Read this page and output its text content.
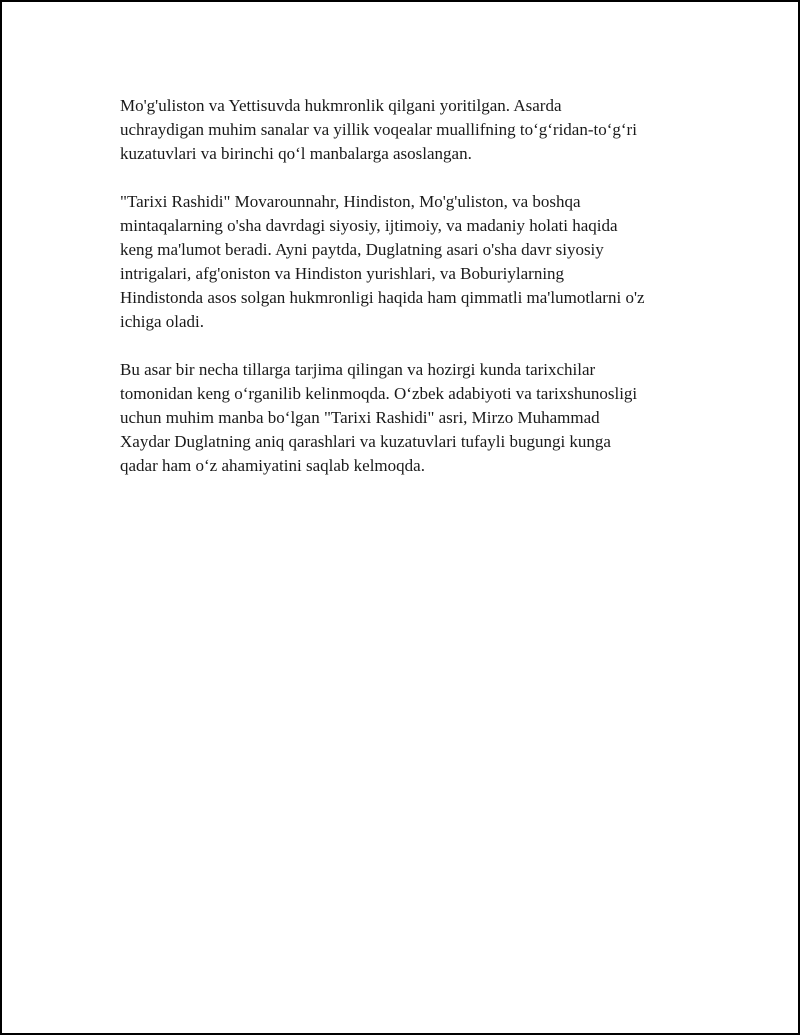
Mo'g'uliston va Yettisuvda hukmronlik qilgani yoritilgan. Asarda
uchraydigan muhim sanalar va yillik voqealar muallifning to‘g‘ridan-to‘g‘ri
kuzatuvlari va birinchi qo‘l manbalarga asoslangan.

"Tarixi Rashidi" Movarounnahr, Hindiston, Mo'g'uliston, va boshqa
mintaqalarning o'sha davrdagi siyosiy, ijtimoiy, va madaniy holati haqida
keng ma'lumot beradi. Ayni paytda, Duglatning asari o'sha davr siyosiy
intrigalari, afg'oniston va Hindiston yurishlari, va Boburiylarning
Hindistonda asos solgan hukmronligi haqida ham qimmatli ma'lumotlarni o'z
ichiga oladi.

Bu asar bir necha tillarga tarjima qilingan va hozirgi kunda tarixchilar
tomonidan keng o‘rganilib kelinmoqda. O‘zbek adabiyoti va tarixshunosligi
uchun muhim manba bo‘lgan "Tarixi Rashidi" asri, Mirzo Muhammad
Xaydar Duglatning aniq qarashlari va kuzatuvlari tufayli bugungi kunga
qadar ham o‘z ahamiyatini saqlab kelmoqda.
